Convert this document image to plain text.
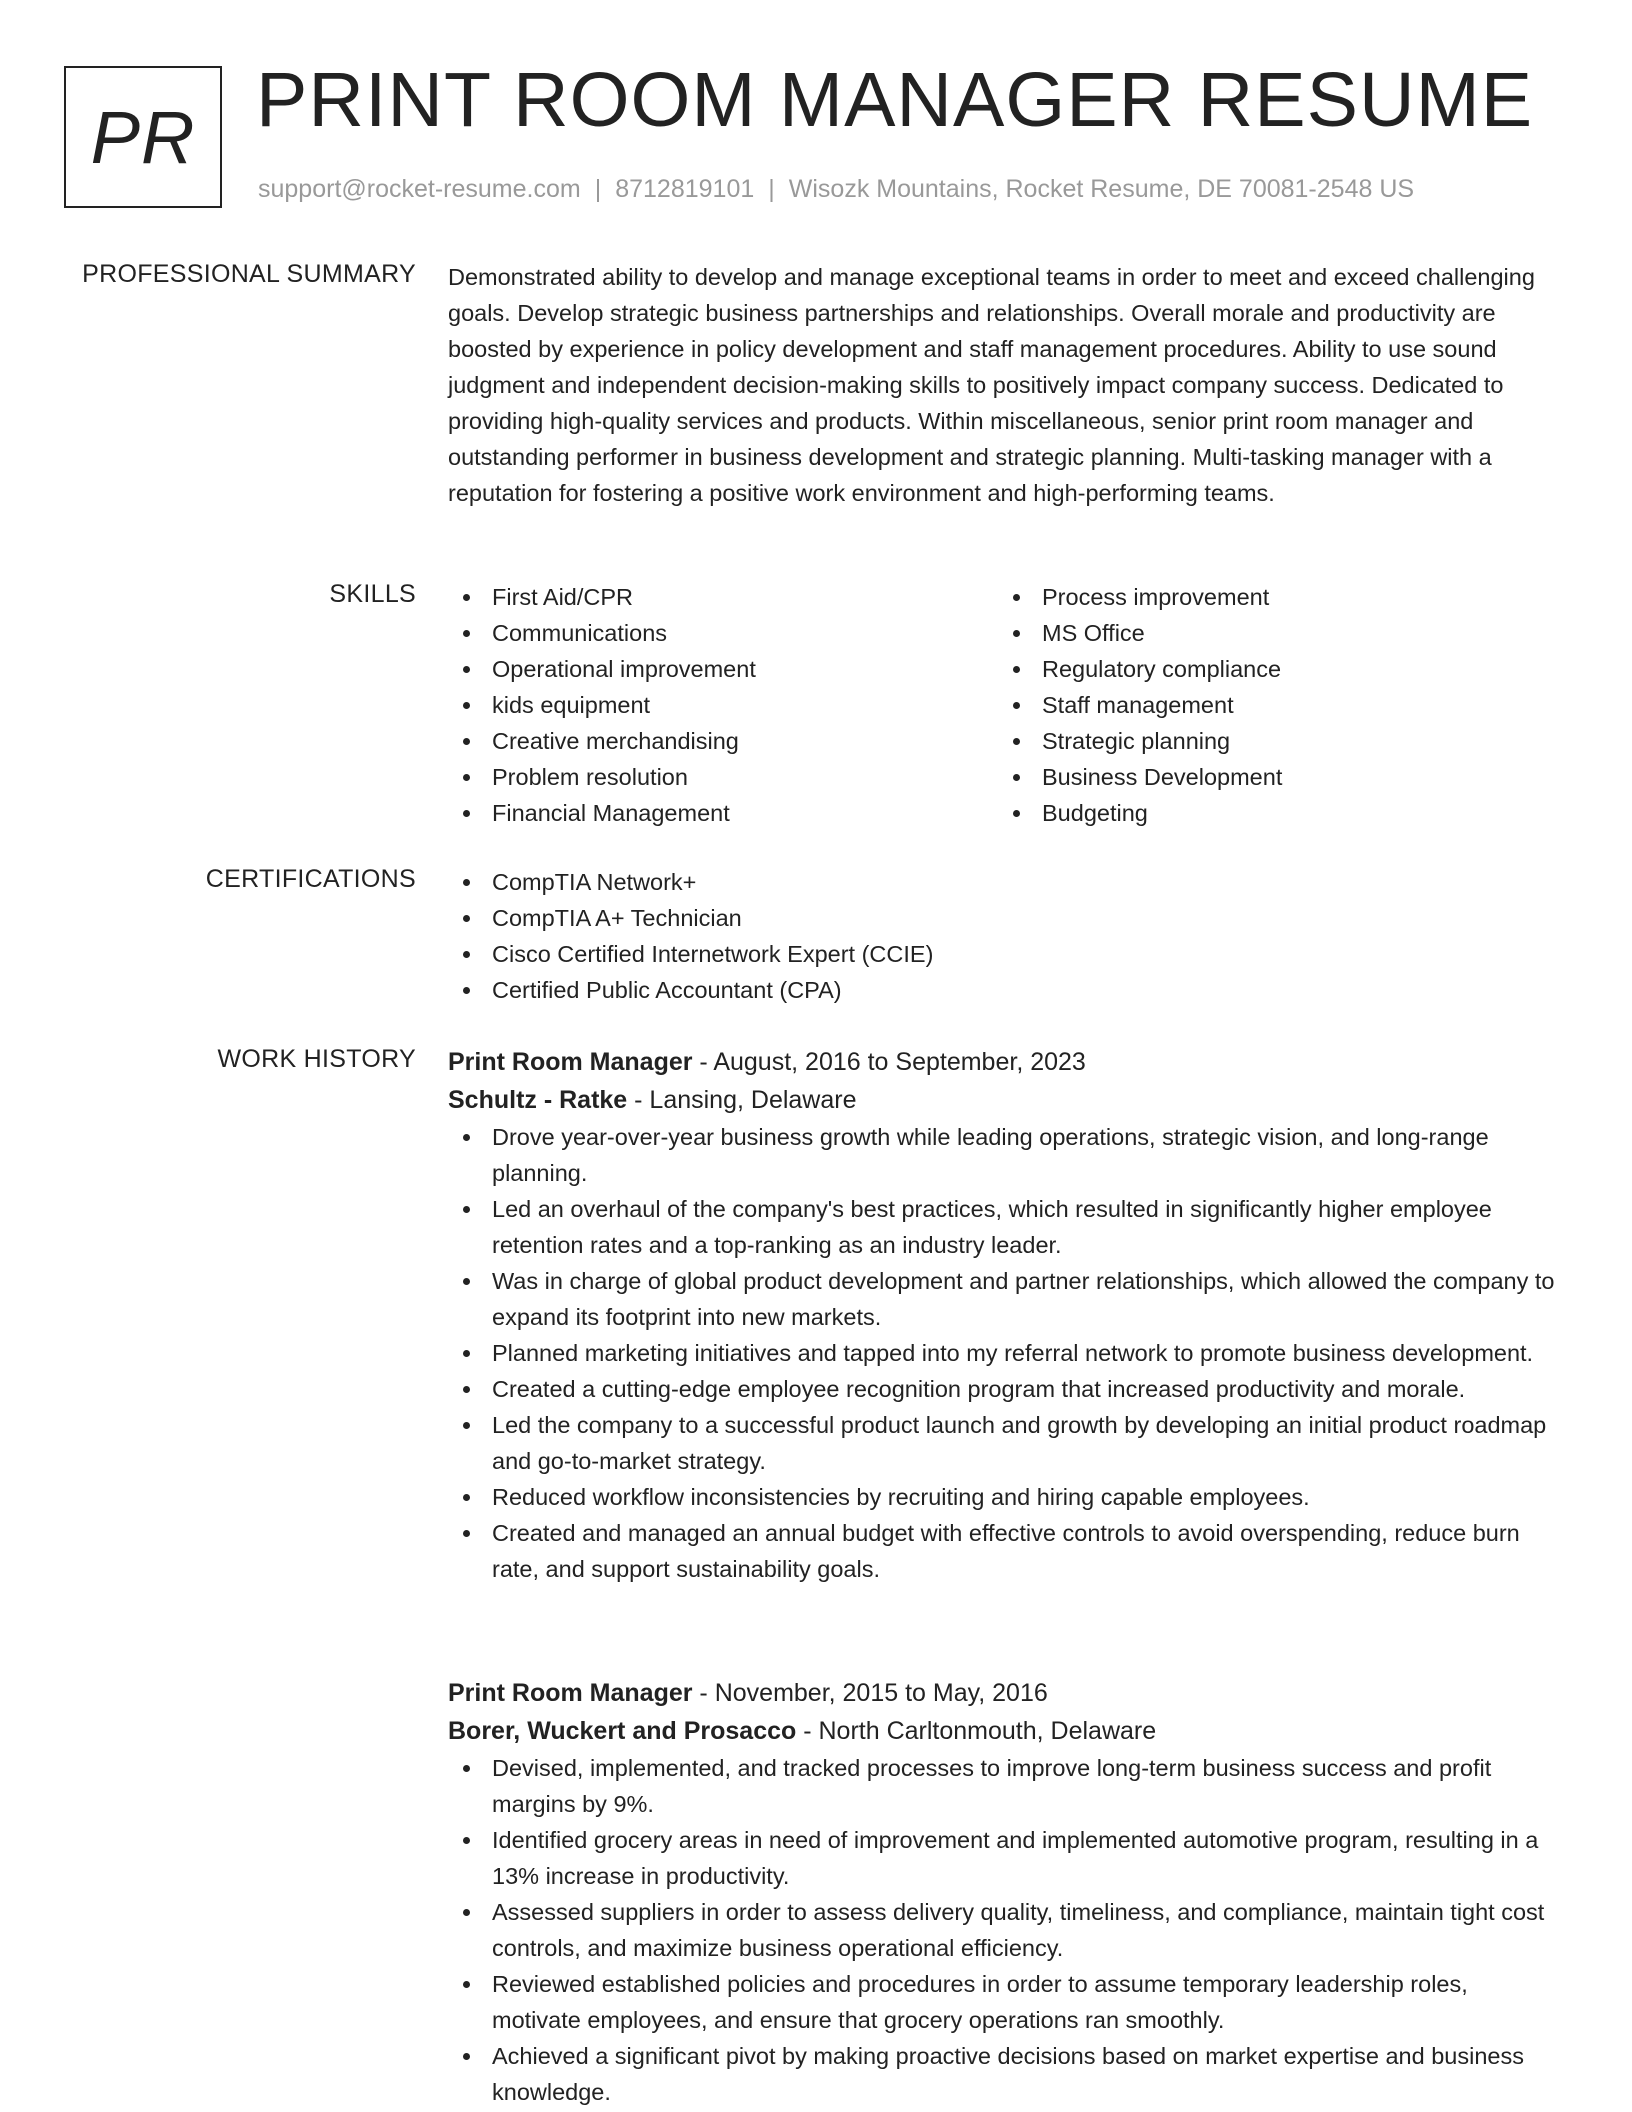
PR PRINT ROOM MANAGER RESUME
support@rocket-resume.com | 8712819101 | Wisozk Mountains, Rocket Resume, DE 70081-2548 US
PROFESSIONAL SUMMARY Demonstrated ability to develop and manage exceptional teams in order to meet and exceed challenging goals. Develop strategic business partnerships and relationships. Overall morale and productivity are boosted by experience in policy development and staff management procedures. Ability to use sound judgment and independent decision-making skills to positively impact company success. Dedicated to providing high-quality services and products. Within miscellaneous, senior print room manager and outstanding performer in business development and strategic planning. Multi-tasking manager with a reputation for fostering a positive work environment and high-performing teams.

SKILLS	First Aid/CPR
Communications
Operational improvement
kids equipment
Creative merchandising
Problem resolution
Financial Management
Process improvement
MS Office
Regulatory compliance
Staff management
Strategic planning
Business Development
Budgeting
CERTIFICATIONS	CompTIA Network+
CompTIA A+ Technician
Cisco Certified Internetwork Expert (CCIE)
Certified Public Accountant (CPA)
WORK HISTORY Print Room Manager - August, 2016 to September, 2023
Schultz - Ratke - Lansing, Delaware
Drove year-over-year business growth while leading operations, strategic vision, and long-range planning.
Led an overhaul of the company's best practices, which resulted in significantly higher employee retention rates and a top-ranking as an industry leader.
Was in charge of global product development and partner relationships, which allowed the company to expand its footprint into new markets.
Planned marketing initiatives and tapped into my referral network to promote business development.
Created a cutting-edge employee recognition program that increased productivity and morale.
Led the company to a successful product launch and growth by developing an initial product roadmap and go-to-market strategy.
Reduced workflow inconsistencies by recruiting and hiring capable employees.
Created and managed an annual budget with effective controls to avoid overspending, reduce burn rate, and support sustainability goals.
Print Room Manager - November, 2015 to May, 2016
Borer, Wuckert and Prosacco - North Carltonmouth, Delaware
Devised, implemented, and tracked processes to improve long-term business success and profit margins by 9%.
Identified grocery areas in need of improvement and implemented automotive program, resulting in a 13% increase in productivity.
Assessed suppliers in order to assess delivery quality, timeliness, and compliance, maintain tight cost controls, and maximize business operational efficiency.
Reviewed established policies and procedures in order to assume temporary leadership roles, motivate employees, and ensure that grocery operations ran smoothly.
Achieved a significant pivot by making proactive decisions based on market expertise and business knowledge.
